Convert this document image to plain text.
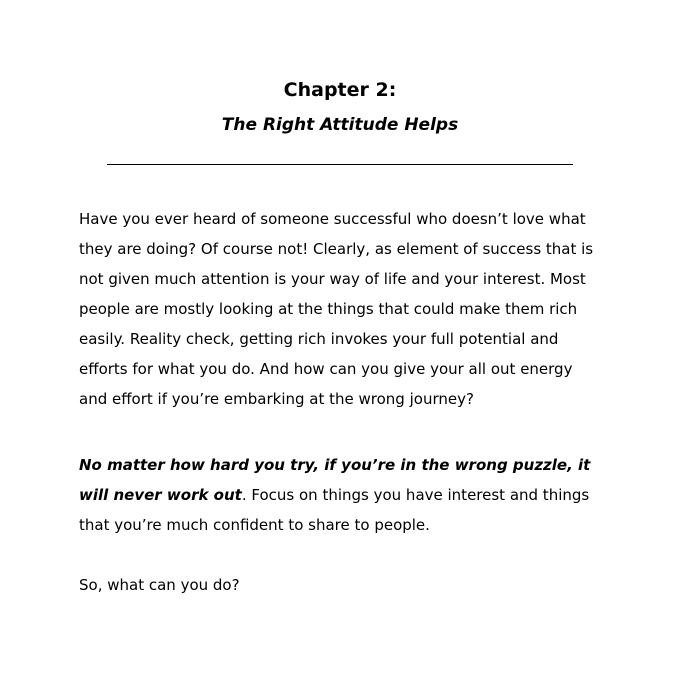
Chapter 2:
The Right Attitude Helps

Have you ever heard of someone successful who doesn’t love what
they are doing? Of course not! Clearly, as element of success that is
not given much attention is your way of life and your interest. Most
people are mostly looking at the things that could make them rich
easily. Reality check, getting rich invokes your full potential and
efforts for what you do. And how can you give your all out energy
and effort if you’re embarking at the wrong journey?

No matter how hard you try, if you’re in the wrong puzzle, it
will never work out. Focus on things you have interest and things
that you’re much confident to share to people.

So, what can you do?
